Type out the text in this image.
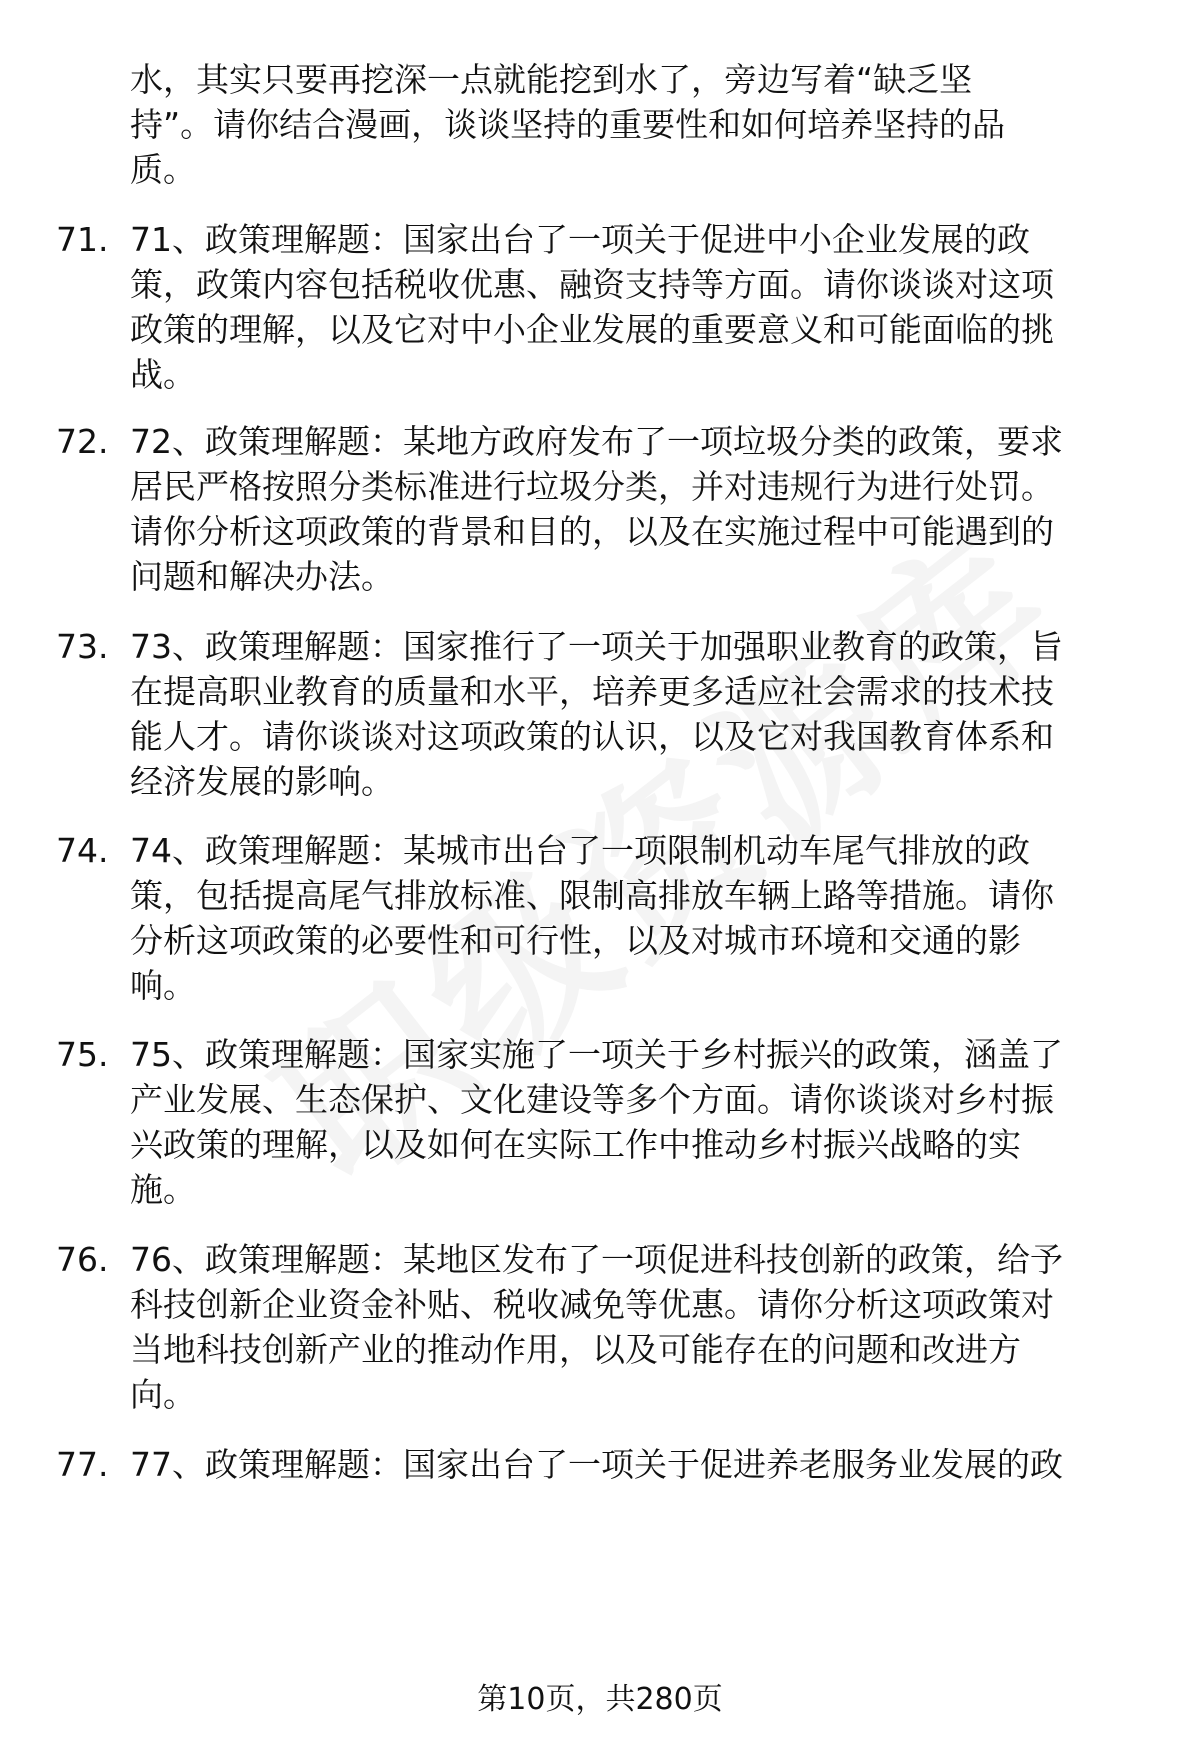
水，其实只要再挖深一点就能挖到水了，旁边写着“缺乏坚
持”。请你结合漫画，谈谈坚持的重要性和如何培养坚持的品
质。
71. 71、政策理解题：国家出台了一项关于促进中小企业发展的政
策，政策内容包括税收优惠、融资支持等方面。请你谈谈对这项
政策的理解，以及它对中小企业发展的重要意义和可能面临的挑
战。
72. 72、政策理解题：某地方政府发布了一项垃圾分类的政策，要求
居民严格按照分类标准进行垃圾分类，并对违规行为进行处罚。
请你分析这项政策的背景和目的，以及在实施过程中可能遇到的
问题和解决办法。
73. 73、政策理解题：国家推行了一项关于加强职业教育的政策，旨
在提高职业教育的质量和水平，培养更多适应社会需求的技术技
能人才。请你谈谈对这项政策的认识，以及它对我国教育体系和
经济发展的影响。
74. 74、政策理解题：某城市出台了一项限制机动车尾气排放的政
策，包括提高尾气排放标准、限制高排放车辆上路等措施。请你
分析这项政策的必要性和可行性，以及对城市环境和交通的影
响。
75. 75、政策理解题：国家实施了一项关于乡村振兴的政策，涵盖了
产业发展、生态保护、文化建设等多个方面。请你谈谈对乡村振
兴政策的理解，以及如何在实际工作中推动乡村振兴战略的实
施。
76. 76、政策理解题：某地区发布了一项促进科技创新的政策，给予
科技创新企业资金补贴、税收减免等优惠。请你分析这项政策对
当地科技创新产业的推动作用，以及可能存在的问题和改进方
向。
77. 77、政策理解题：国家出台了一项关于促进养老服务业发展的政
第10页，共280页
